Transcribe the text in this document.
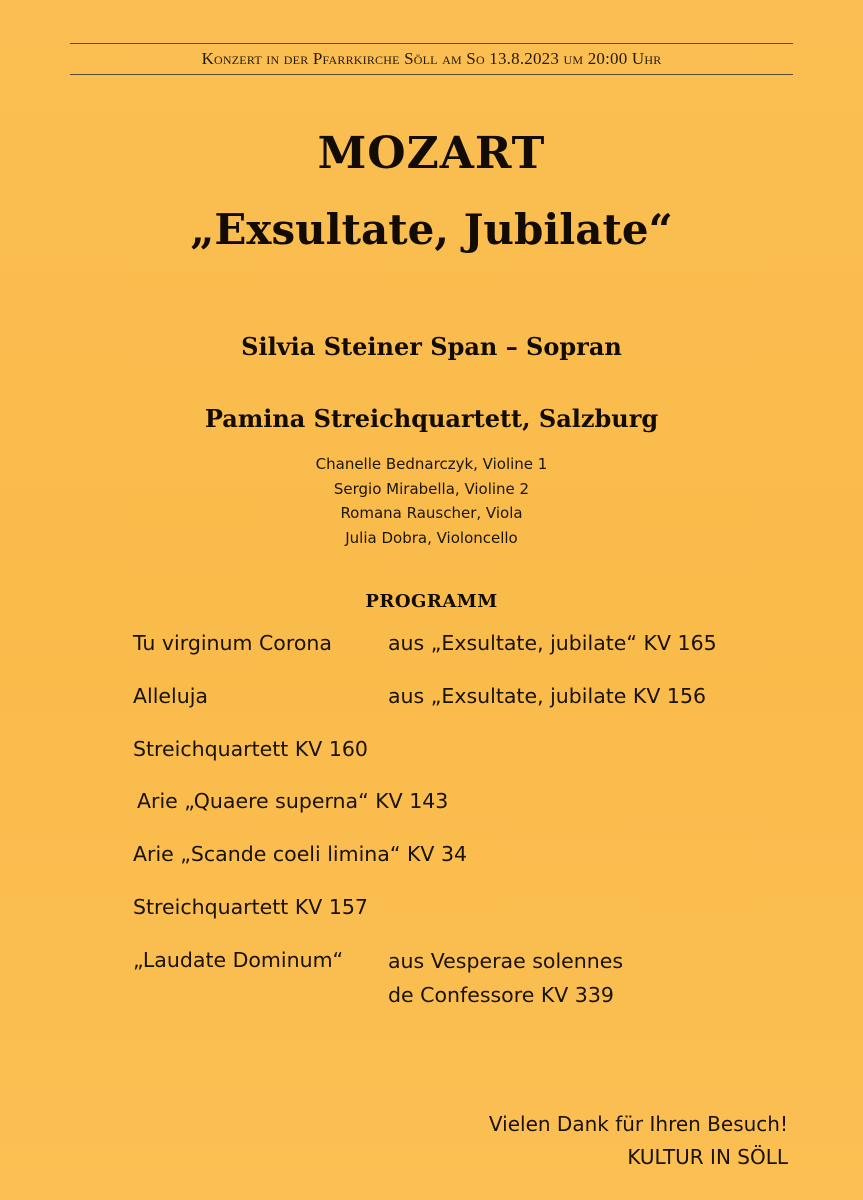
Konzert in der Pfarrkirche Söll am So 13.8.2023 um 20:00 Uhr
MOZART
„Exsultate, Jubilate“
Silvia Steiner Span – Sopran
Pamina Streichquartett, Salzburg
Chanelle Bednarczyk, Violine 1
Sergio Mirabella, Violine 2
Romana Rauscher, Viola
Julia Dobra, Violoncello
PROGRAMM
Tu virginum Corona	aus „Exsultate, jubilate“ KV 165
Alleluja	aus „Exsultate, jubilate KV 156
Streichquartett KV 160
Arie „Quaere superna“ KV 143
Arie „Scande coeli limina“ KV 34
Streichquartett KV 157
„Laudate Dominum“ aus Vesperae solennes
de Confessore KV 339
Vielen Dank für Ihren Besuch!
KULTUR IN SÖLL
